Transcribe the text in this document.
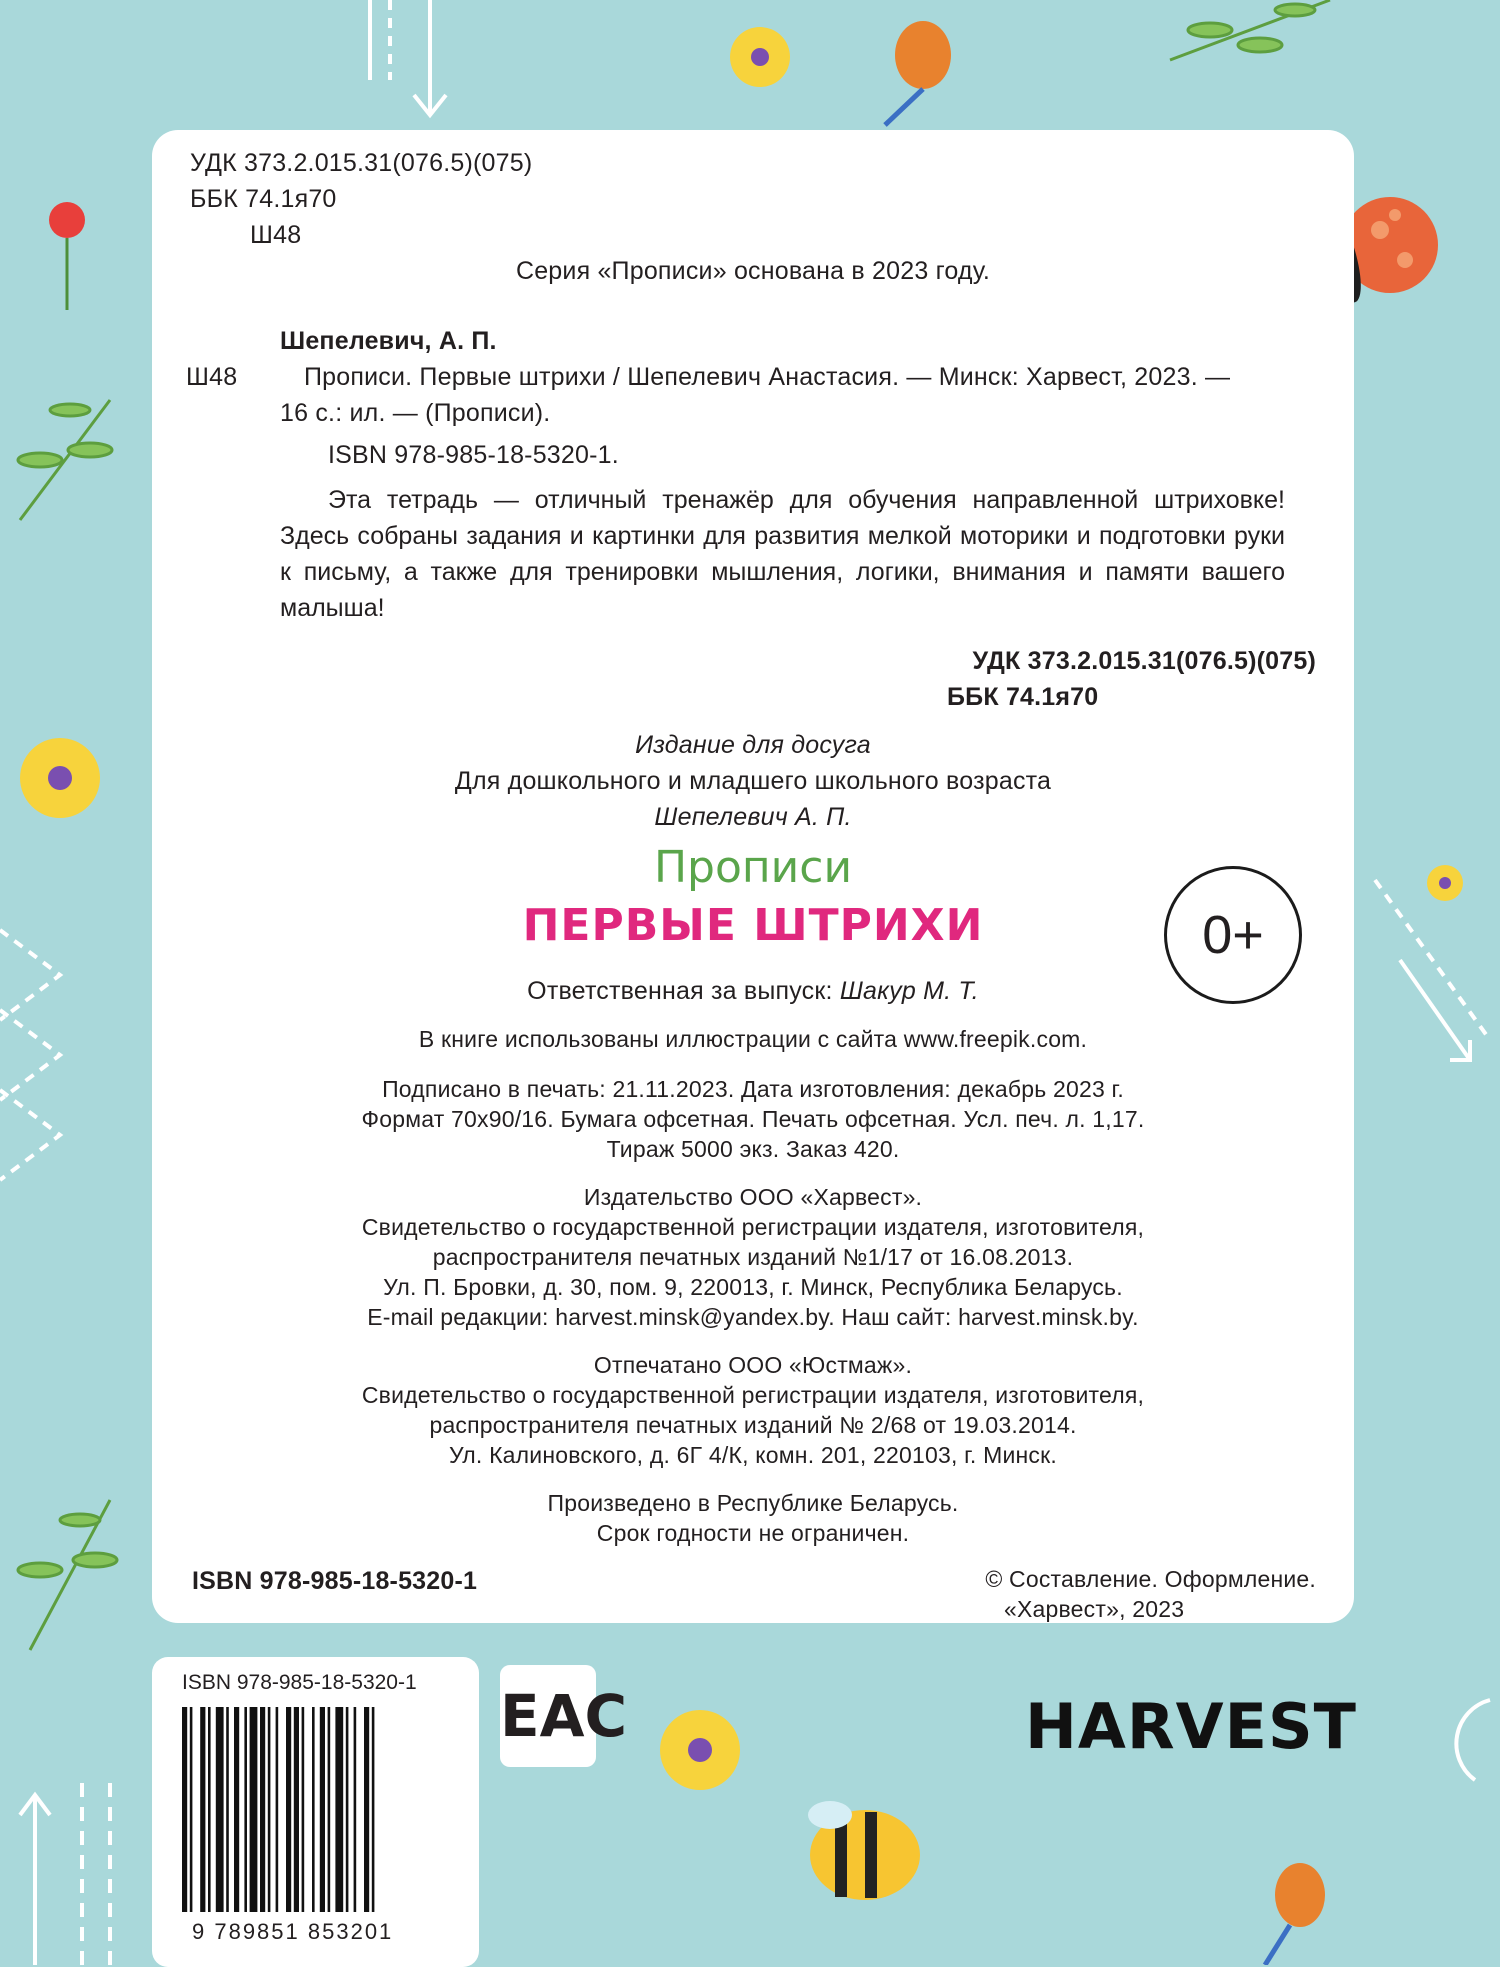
УДК 373.2.015.31(076.5)(075)
ББК 74.1я70
Ш48
Серия «Прописи» основана в 2023 году.
Шепелевич, А. П.
Ш48	Прописи. Первые штрихи / Шепелевич Анастасия. — Минск: Харвест, 2023. —
16 с.: ил. — (Прописи).
ISBN 978-985-18-5320-1.
Эта тетрадь — отличный тренажёр для обучения направленной штриховке! Здесь собраны задания и картинки для развития мелкой моторики и подготовки руки к письму, а также для тренировки мышления, логики, внимания и памяти вашего малыша!
УДК 373.2.015.31(076.5)(075)
ББК 74.1я70
Издание для досуга
Для дошкольного и младшего школьного возраста
Шепелевич А. П.
Прописи
ПЕРВЫЕ ШТРИХИ	0+
Ответственная за выпуск: Шакур М. Т.
В книге использованы иллюстрации с сайта www.freepik.com.
Подписано в печать: 21.11.2023. Дата изготовления: декабрь 2023 г.
Формат 70x90/16. Бумага офсетная. Печать офсетная. Усл. печ. л. 1,17.
Тираж 5000 экз. Заказ 420.
Издательство ООО «Харвест».
Свидетельство о государственной регистрации издателя, изготовителя,
распространителя печатных изданий №1/17 от 16.08.2013.
Ул. П. Бровки, д. 30, пом. 9, 220013, г. Минск, Республика Беларусь.
E-mail редакции: harvest.minsk@yandex.by. Наш сайт: harvest.minsk.by.
Отпечатано ООО «Юстмаж».
Свидетельство о государственной регистрации издателя, изготовителя,
распространителя печатных изданий № 2/68 от 19.03.2014.
Ул. Калиновского, д. 6Г 4/К, комн. 201, 220103, г. Минск.
Произведено в Республике Беларусь.
Срок годности не ограничен.
ISBN 978-985-18-5320-1	© Составление. Оформление.
«Харвест», 2023
ISBN 978-985-18-5320-1
9 789851 853201
ЕАС	HARVEST
